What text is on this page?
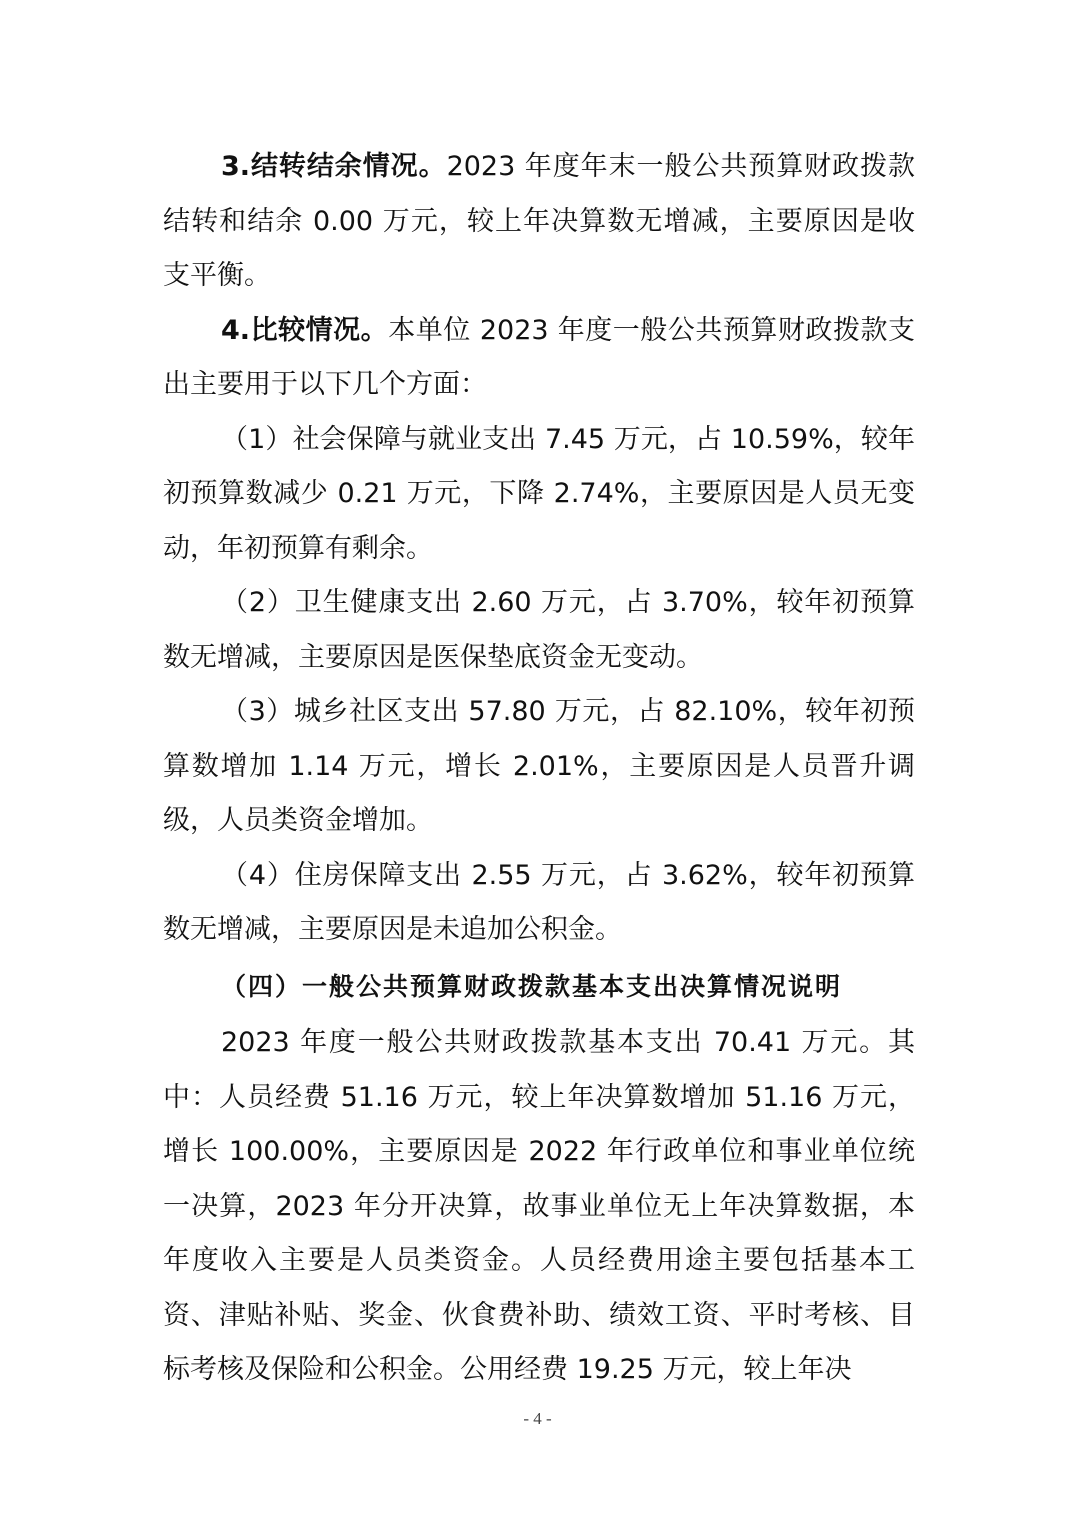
3.结转结余情况。2023 年度年末一般公共预算财政拨款结转和结余 0.00 万元，较上年决算数无增减，主要原因是收支平衡。

4.比较情况。本单位 2023 年度一般公共预算财政拨款支出主要用于以下几个方面：

（1）社会保障与就业支出 7.45 万元，占 10.59%，较年初预算数减少 0.21 万元，下降 2.74%，主要原因是人员无变动，年初预算有剩余。

（2）卫生健康支出 2.60 万元，占 3.70%，较年初预算数无增减，主要原因是医保垫底资金无变动。

（3）城乡社区支出 57.80 万元，占 82.10%，较年初预算数增加 1.14 万元，增长 2.01%，主要原因是人员晋升调级，人员类资金增加。

（4）住房保障支出 2.55 万元，占 3.62%，较年初预算数无增减，主要原因是未追加公积金。

（四）一般公共预算财政拨款基本支出决算情况说明

2023 年度一般公共财政拨款基本支出 70.41 万元。其中：人员经费 51.16 万元，较上年决算数增加 51.16 万元，增长 100.00%，主要原因是 2022 年行政单位和事业单位统一决算，2023 年分开决算，故事业单位无上年决算数据，本年度收入主要是人员类资金。人员经费用途主要包括基本工资、津贴补贴、奖金、伙食费补助、绩效工资、平时考核、目标考核及保险和公积金。公用经费 19.25 万元，较上年决

- 4 -
